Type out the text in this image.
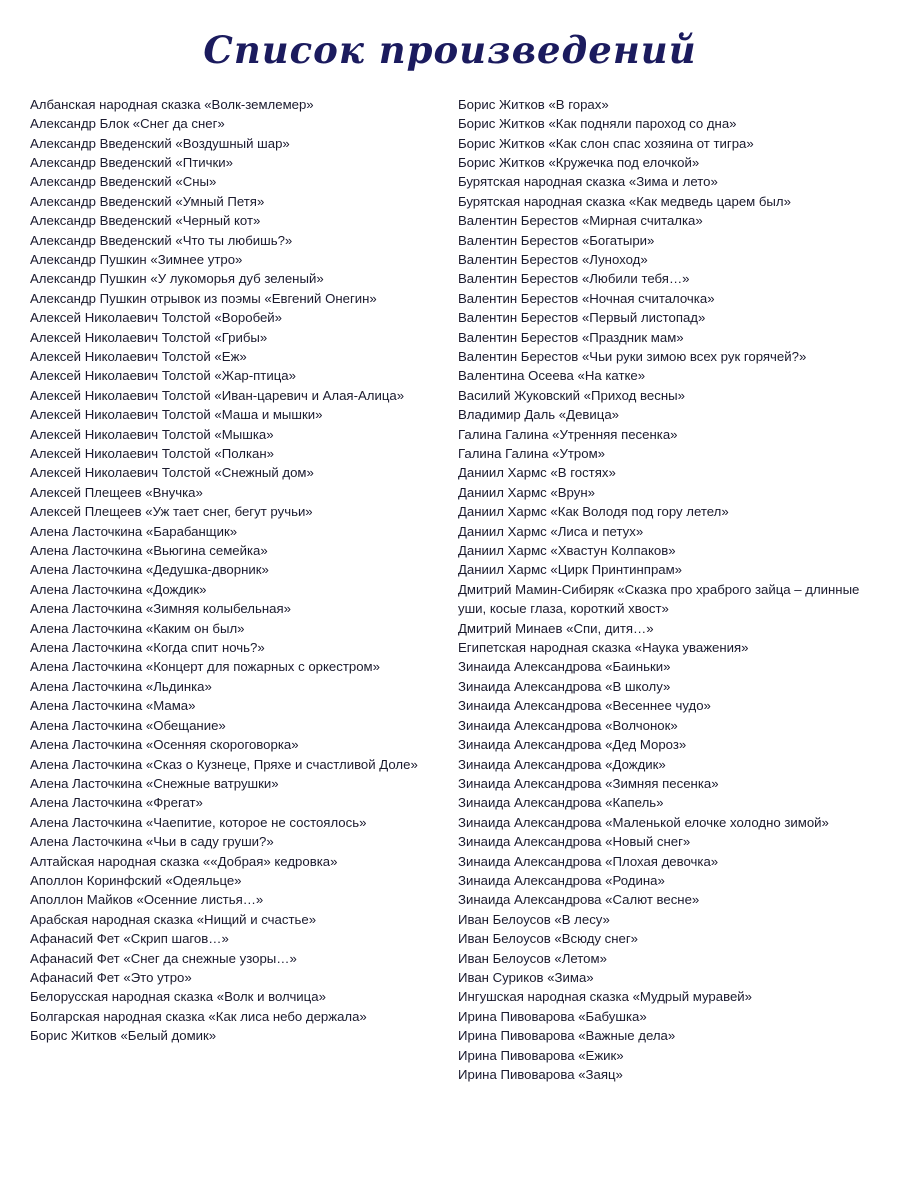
Список произведений

Албанская народная сказка «Волк-землемер»

Александр Блок «Снег да снег»

Александр Введенский «Воздушный шар»

Александр Введенский «Птички»

Александр Введенский «Сны»

Александр Введенский «Умный Петя»

Александр Введенский «Черный кот»

Александр Введенский «Что ты любишь?»

Александр Пушкин «Зимнее утро»

Александр Пушкин «У лукоморья дуб зеленый»

Александр Пушкин отрывок из поэмы «Евгений Онегин»

Алексей Николаевич Толстой «Воробей»

Алексей Николаевич Толстой «Грибы»

Алексей Николаевич Толстой «Еж»

Алексей Николаевич Толстой «Жар-птица»

Алексей Николаевич Толстой «Иван-царевич и Алая-Алица»

Алексей Николаевич Толстой «Маша и мышки»

Алексей Николаевич Толстой «Мышка»

Алексей Николаевич Толстой «Полкан»

Алексей Николаевич Толстой «Снежный дом»

Алексей Плещеев «Внучка»

Алексей Плещеев «Уж тает снег, бегут ручьи»

Алена Ласточкина «Барабанщик»

Алена Ласточкина «Вьюгина семейка»

Алена Ласточкина «Дедушка-дворник»

Алена Ласточкина «Дождик»

Алена Ласточкина «Зимняя колыбельная»

Алена Ласточкина «Каким он был»

Алена Ласточкина «Когда спит ночь?»

Алена Ласточкина «Концерт для пожарных с оркестром»

Алена Ласточкина «Льдинка»

Алена Ласточкина «Мама»

Алена Ласточкина «Обещание»

Алена Ласточкина «Осенняя скороговорка»

Алена Ласточкина «Сказ о Кузнеце, Пряхе и счастливой Доле»

Алена Ласточкина «Снежные ватрушки»

Алена Ласточкина «Фрегат»

Алена Ласточкина «Чаепитие, которое не состоялось»

Алена Ласточкина «Чьи в саду груши?»

Алтайская народная сказка ««Добрая» кедровка»

Аполлон Коринфский «Одеяльце»

Аполлон Майков «Осенние листья…»

Арабская народная сказка «Нищий и счастье»

Афанасий Фет «Скрип шагов…»

Афанасий Фет «Снег да снежные узоры…»

Афанасий Фет «Это утро»

Белорусская народная сказка «Волк и волчица»

Болгарская народная сказка «Как лиса небо держала»

Борис Житков «Белый домик»

Борис Житков «В горах»

Борис Житков «Как подняли пароход со дна»

Борис Житков «Как слон спас хозяина от тигра»

Борис Житков «Кружечка под елочкой»

Бурятская народная сказка «Зима и лето»

Бурятская народная сказка «Как медведь царем был»

Валентин Берестов «Мирная считалка»

Валентин Берестов «Богатыри»

Валентин Берестов «Луноход»

Валентин Берестов «Любили тебя…»

Валентин Берестов «Ночная считалочка»

Валентин Берестов «Первый листопад»

Валентин Берестов «Праздник мам»

Валентин Берестов «Чьи руки зимою всех рук горячей?»

Валентина Осеева «На катке»

Василий Жуковский «Приход весны»

Владимир Даль «Девица»

Галина Галина «Утренняя песенка»

Галина Галина «Утром»

Даниил Хармс «В гостях»

Даниил Хармс «Врун»

Даниил Хармс «Как Володя под гору летел»

Даниил Хармс «Лиса и петух»

Даниил Хармс «Хвастун Колпаков»

Даниил Хармс «Цирк Принтинпрам»

Дмитрий Мамин-Сибиряк «Сказка про храброго зайца – длинные уши, косые глаза, короткий хвост»

Дмитрий Минаев «Спи, дитя…»

Египетская народная сказка «Наука уважения»

Зинаида Александрова «Баиньки»

Зинаида Александрова «В школу»

Зинаида Александрова «Весеннее чудо»

Зинаида Александрова «Волчонок»

Зинаида Александрова «Дед Мороз»

Зинаида Александрова «Дождик»

Зинаида Александрова «Зимняя песенка»

Зинаида Александрова «Капель»

Зинаида Александрова «Маленькой елочке холодно зимой»

Зинаида Александрова «Новый снег»

Зинаида Александрова «Плохая девочка»

Зинаида Александрова «Родина»

Зинаида Александрова «Салют весне»

Иван Белоусов «В лесу»

Иван Белоусов «Всюду снег»

Иван Белоусов «Летом»

Иван Суриков «Зима»

Ингушская народная сказка «Мудрый муравей»

Ирина Пивоварова «Бабушка»

Ирина Пивоварова «Важные дела»

Ирина Пивоварова «Ежик»

Ирина Пивоварова «Заяц»
